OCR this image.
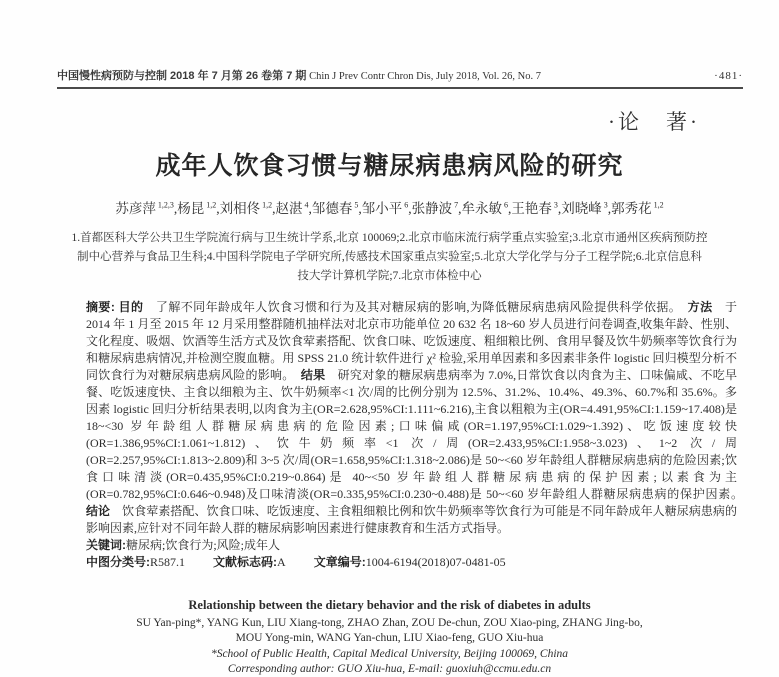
中国慢性病预防与控制 2018 年 7 月第 26 卷第 7 期 Chin J Prev Contr Chron Dis, July 2018, Vol. 26, No. 7	·481·
·论　著·
成年人饮食习惯与糖尿病患病风险的研究
苏彦萍 $^{1,2,3}$,杨昆 $^{1,2}$,刘相佟 $^{1,2}$,赵湛 $^4$,邹德春 $^5$,邹小平 $^6$,张静波 $^7$,牟永敏 $^6$,王艳春 $^3$,刘晓峰 $^3$,郭秀花 $^{1,2}$
1.首都医科大学公共卫生学院流行病与卫生统计学系,北京 100069;2.北京市临床流行病学重点实验室;3.北京市通州区疾病预防控
制中心营养与食品卫生科;4.中国科学院电子学研究所,传感技术国家重点实验室;5.北京大学化学与分子工程学院;6.北京信息科
技大学计算机学院;7.北京市体检中心
摘要: 目的　了解不同年龄成年人饮食习惯和行为及其对糖尿病的影响,为降低糖尿病患病风险提供科学依据。　方法　于 2014 年 1 月至 2015 年 12 月采用整群随机抽样法对北京市功能单位 20 632 名 18~60 岁人员进行问卷调查,收集年龄、性别、文化程度、吸烟、饮酒等生活方式及饮食荤素搭配、饮食口味、吃饭速度、粗细粮比例、食用早餐及饮牛奶频率等饮食行为和糖尿病患病情况,并检测空腹血糖。用 SPSS 21.0 统计软件进行 χ² 检验,采用单因素和多因素非条件 logistic 回归模型分析不同饮食行为对糖尿病患病风险的影响。　结果　研究对象的糖尿病患病率为 7.0%,日常饮食以肉食为主、口味偏咸、不吃早餐、吃饭速度快、主食以细粮为主、饮牛奶频率<1 次/周的比例分别为 12.5%、31.2%、10.4%、49.3%、60.7%和 35.6%。多因素 logistic 回归分析结果表明,以肉食为主(OR=2.628,95%CI:1.111~6.216),主食以粗粮为主(OR=4.491,95%CI:1.159~17.408)是 18~<30 岁年龄组人群糖尿病患病的危险因素;口味偏咸(OR=1.197,95%CI:1.029~1.392)、吃饭速度较快(OR=1.386,95%CI:1.061~1.812)、饮牛奶频率<1 次/周(OR=2.433,95%CI:1.958~3.023)、1~2 次/周(OR=2.257,95%CI:1.813~2.809)和 3~5 次/周(OR=1.658,95%CI:1.318~2.086)是 50~<60 岁年龄组人群糖尿病患病的危险因素;饮食口味清淡(OR=0.435,95%CI:0.219~0.864)是 40~<50 岁年龄组人群糖尿病患病的保护因素;以素食为主(OR=0.782,95%CI:0.646~0.948)及口味清淡(OR=0.335,95%CI:0.230~0.488)是 50~<60 岁年龄组人群糖尿病患病的保护因素。　结论　饮食荤素搭配、饮食口味、吃饭速度、主食粗细粮比例和饮牛奶频率等饮食行为可能是不同年龄成年人糖尿病患病的影响因素,应针对不同年龄人群的糖尿病影响因素进行健康教育和生活方式指导。
关键词:糖尿病;饮食行为;风险;成年人
中图分类号:R587.1 文献标志码:A 文章编号:1004-6194(2018)07-0481-05
Relationship between the dietary behavior and the risk of diabetes in adults
SU Yan-ping*, YANG Kun, LIU Xiang-tong, ZHAO Zhan, ZOU De-chun, ZOU Xiao-ping, ZHANG Jing-bo,
MOU Yong-min, WANG Yan-chun, LIU Xiao-feng, GUO Xiu-hua
*School of Public Health, Capital Medical University, Beijing 100069, China
Corresponding author: GUO Xiu-hua, E-mail: guoxiuh@ccmu.edu.cn
